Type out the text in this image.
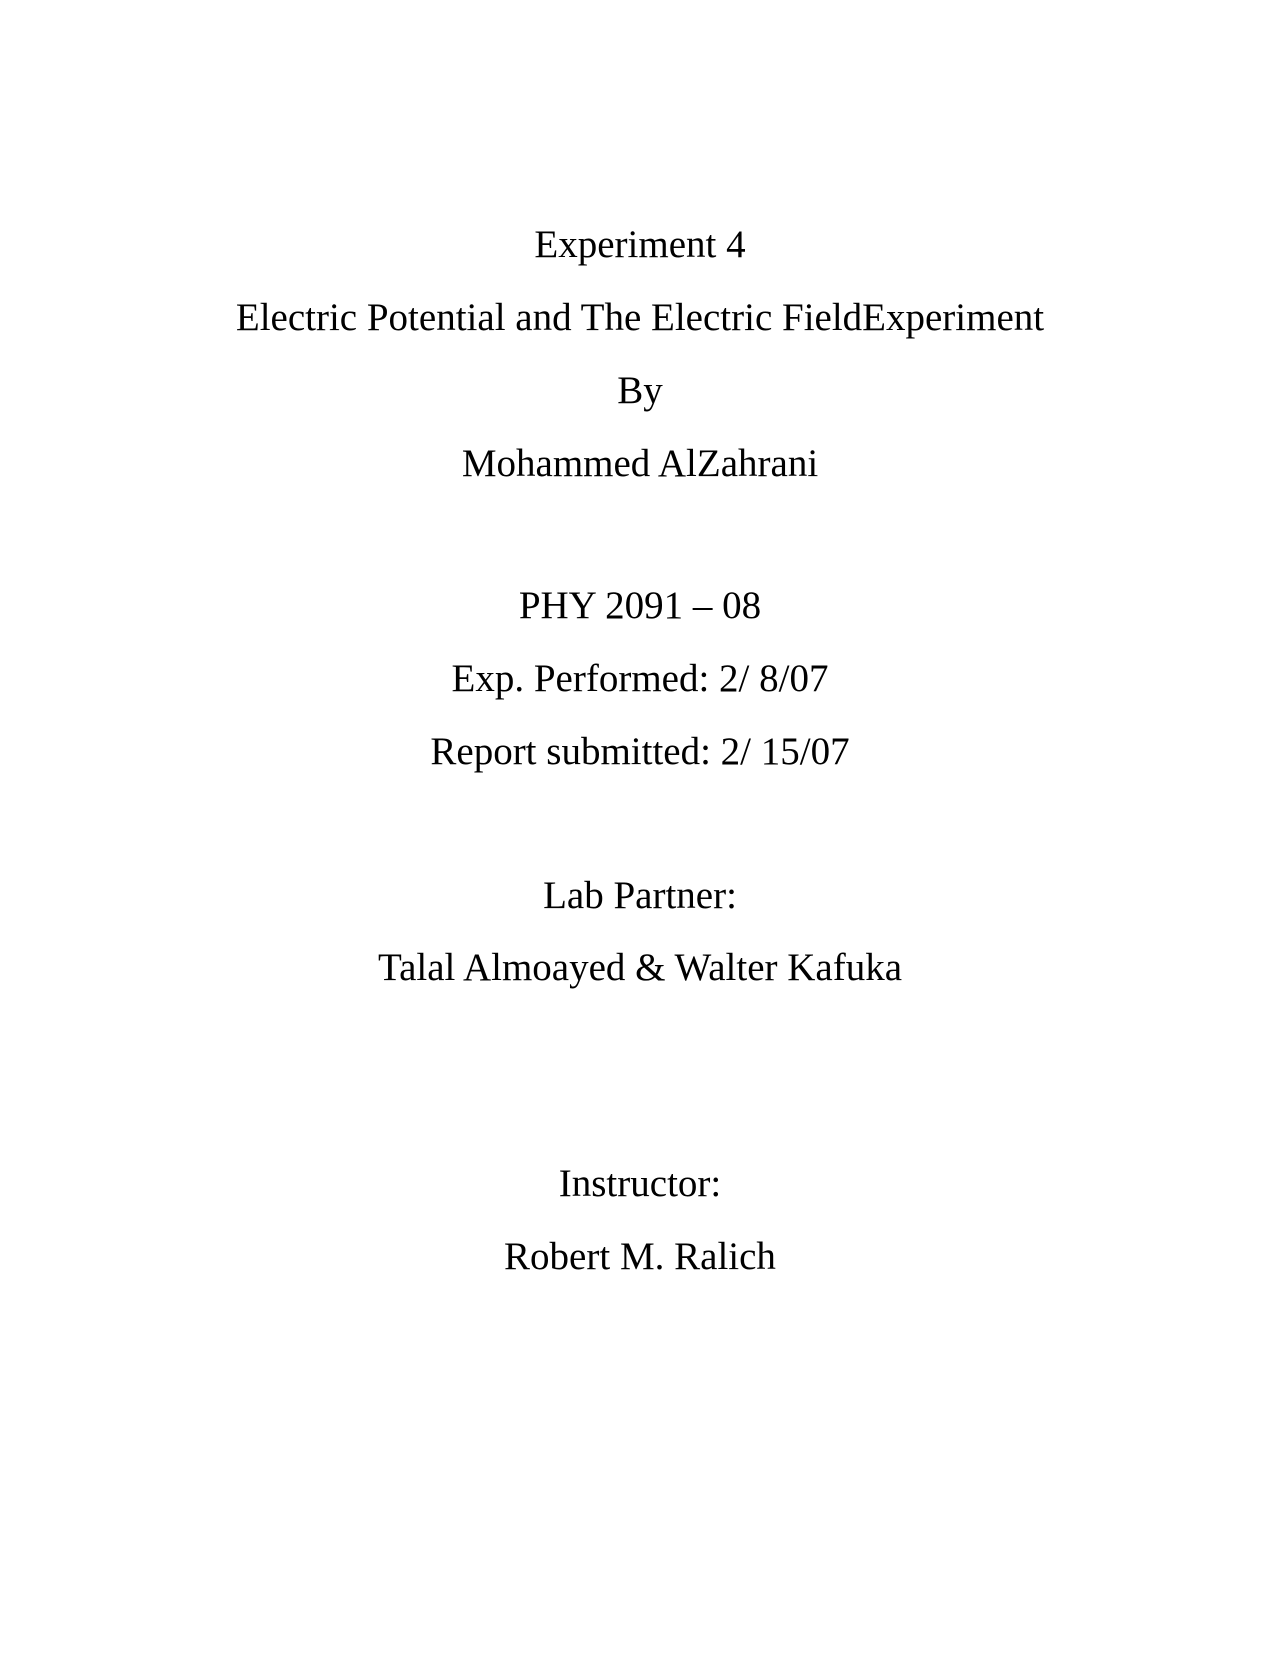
Experiment 4
Electric Potential and The Electric FieldExperiment
By
Mohammed AlZahrani
PHY 2091 – 08
Exp. Performed: 2/ 8/07
Report submitted: 2/ 15/07
Lab Partner:
Talal Almoayed & Walter Kafuka
Instructor:
Robert M. Ralich
